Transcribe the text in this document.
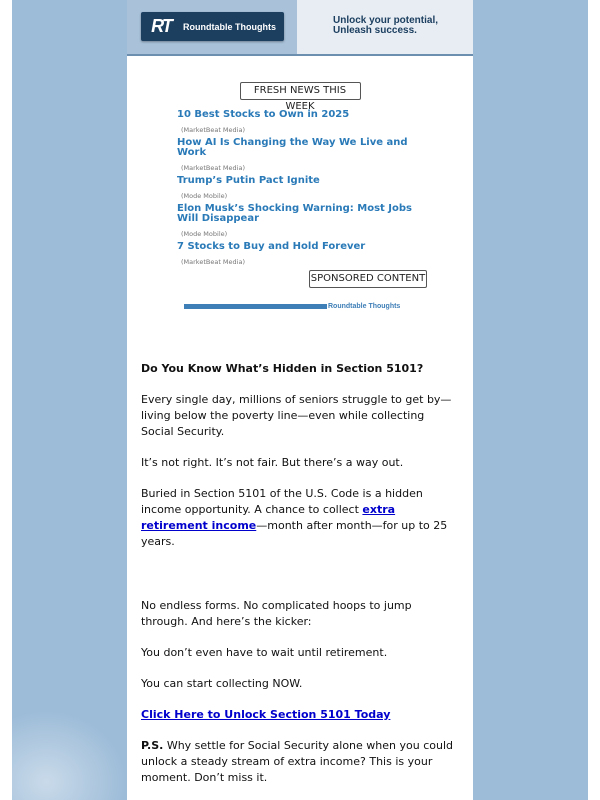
RT	Roundtable Thoughts
Unlock your potential,
Unleash success.
FRESH NEWS THIS WEEK
10 Best Stocks to Own in 2025
(MarketBeat Media)
How AI Is Changing the Way We Live and Work
(MarketBeat Media)
Trump’s Putin Pact Ignite
(Mode Mobile)
Elon Musk’s Shocking Warning: Most Jobs Will Disappear
(Mode Mobile)
7 Stocks to Buy and Hold Forever
(MarketBeat Media)
SPONSORED CONTENT
Roundtable Thoughts
Do You Know What’s Hidden in Section 5101?

Every single day, millions of seniors struggle to get by—living below the poverty line—even while collecting Social Security.

It’s not right. It’s not fair. But there’s a way out.

Buried in Section 5101 of the U.S. Code is a hidden income opportunity. A chance to collect extra retirement income—month after month—for up to 25 years.

No endless forms. No complicated hoops to jump through. And here’s the kicker:

You don’t even have to wait until retirement.

You can start collecting NOW.

Click Here to Unlock Section 5101 Today

P.S. Why settle for Social Security alone when you could unlock a steady stream of extra income? This is your moment. Don’t miss it.
